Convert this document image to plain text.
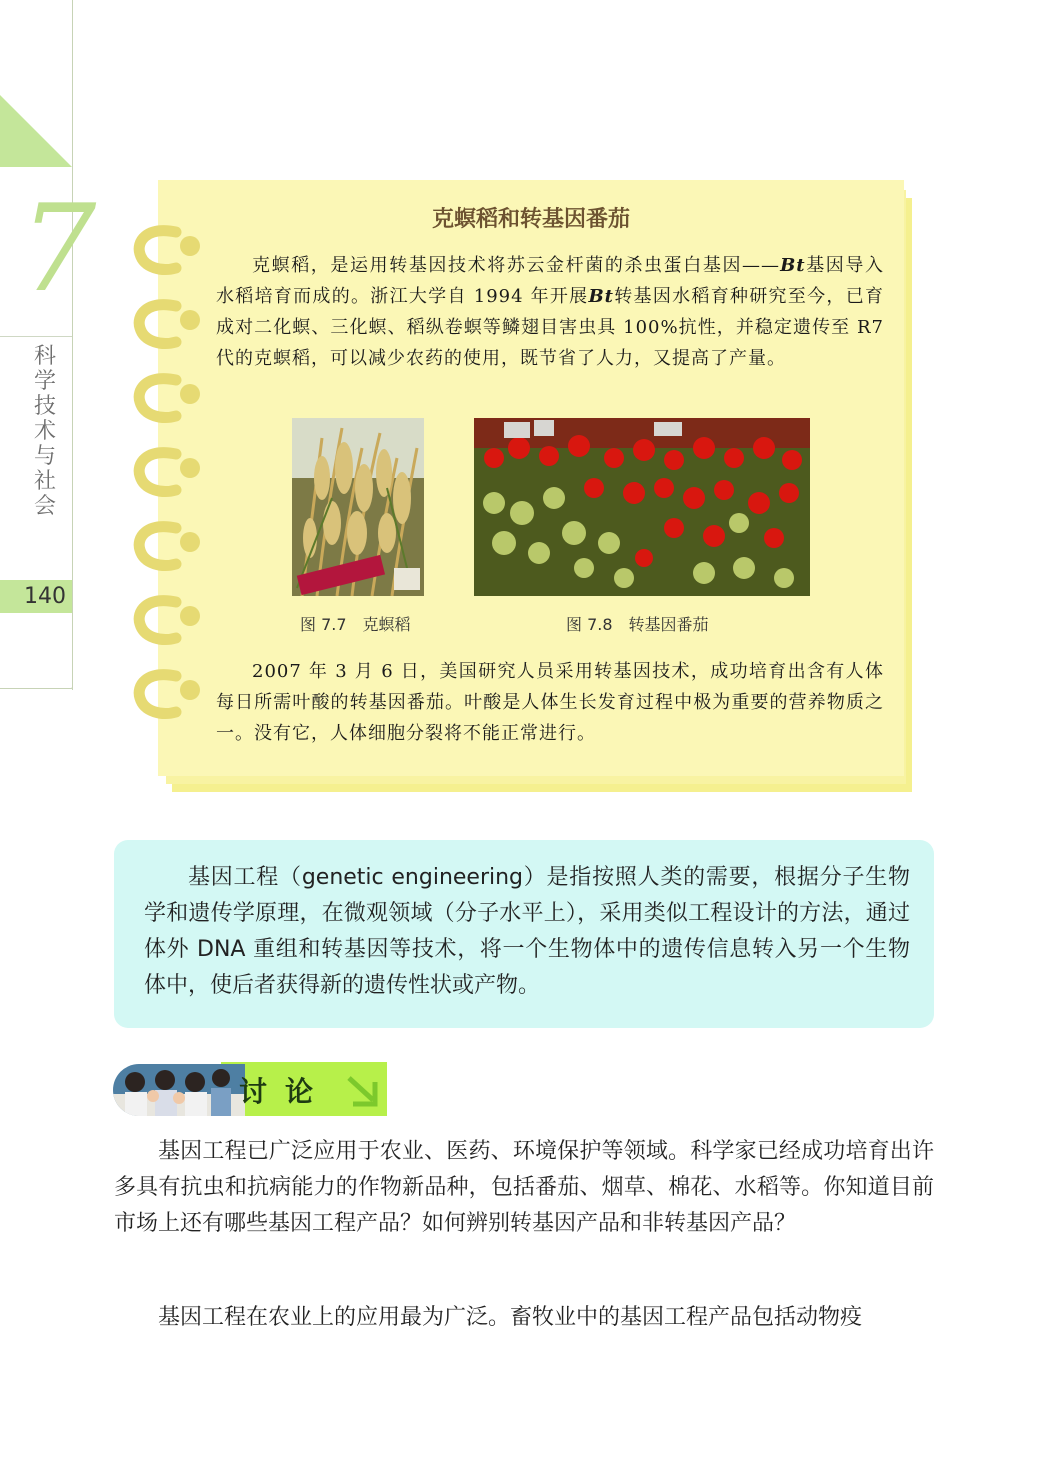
7
科学技术与社会
140
克螟稻和转基因番茄
克螟稻，是运用转基因技术将苏云金杆菌的杀虫蛋白基因——Bt基因导入水稻培育而成的。浙江大学自 1994 年开展Bt转基因水稻育种研究至今，已育成对二化螟、三化螟、稻纵卷螟等鳞翅目害虫具 100%抗性，并稳定遗传至 R7 代的克螟稻，可以减少农药的使用，既节省了人力，又提高了产量。
图 7.7　克螟稻	图 7.8　转基因番茄
2007 年 3 月 6 日，美国研究人员采用转基因技术，成功培育出含有人体每日所需叶酸的转基因番茄。叶酸是人体生长发育过程中极为重要的营养物质之一。没有它，人体细胞分裂将不能正常进行。
基因工程（genetic engineering）是指按照人类的需要，根据分子生物学和遗传学原理，在微观领域（分子水平上），采用类似工程设计的方法，通过体外 DNA 重组和转基因等技术，将一个生物体中的遗传信息转入另一个生物体中，使后者获得新的遗传性状或产物。
讨论
基因工程已广泛应用于农业、医药、环境保护等领域。科学家已经成功培育出许多具有抗虫和抗病能力的作物新品种，包括番茄、烟草、棉花、水稻等。你知道目前市场上还有哪些基因工程产品？如何辨别转基因产品和非转基因产品？
基因工程在农业上的应用最为广泛。畜牧业中的基因工程产品包括动物疫
